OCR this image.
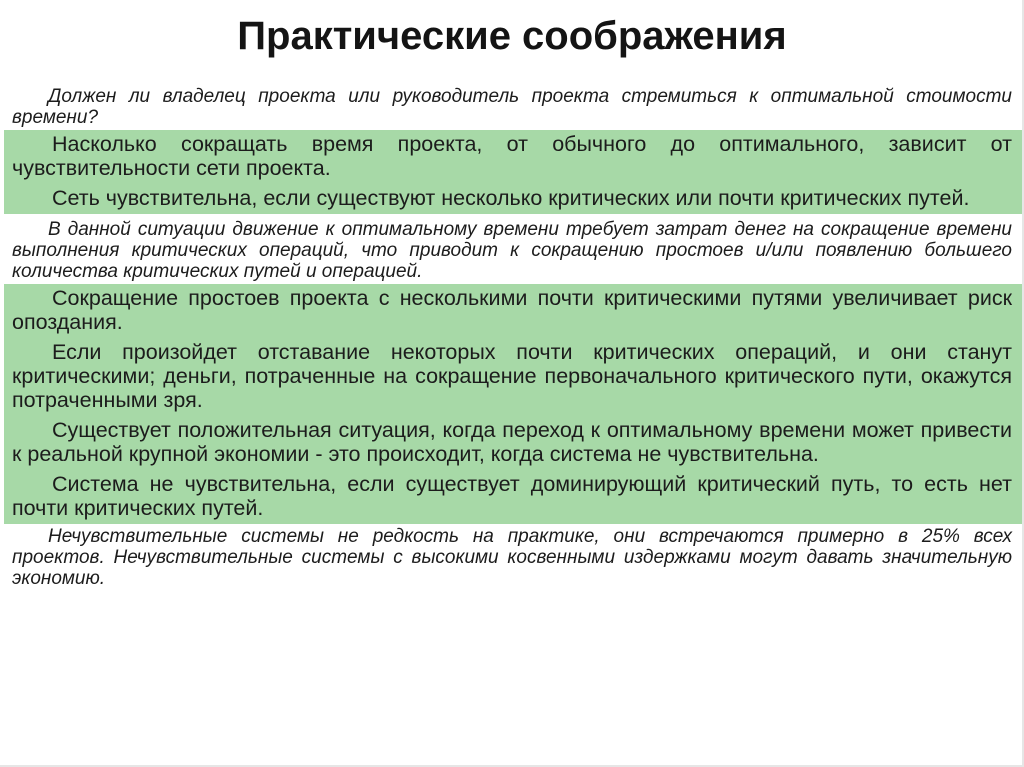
Практические соображения

Должен ли владелец проекта или руководитель проекта стремиться к оптимальной стоимости времени?

Насколько сокращать время проекта, от обычного до оптимального, зависит от чувствительности сети проекта.

Сеть чувствительна, если существуют несколько критических или почти критических путей.

В данной ситуации движение к оптимальному времени требует затрат денег на сокращение времени выполнения критических операций, что приводит к сокращению простоев и/или появлению большего количества критических путей и операцией.

Сокращение простоев проекта с несколькими почти критическими путями увеличивает риск опоздания.

Если произойдет отставание некоторых почти критических операций, и они станут критическими; деньги, потраченные на сокращение первоначального критического пути, окажутся потраченными зря.

Существует положительная ситуация, когда переход к оптимальному времени может привести к реальной крупной экономии - это происходит, когда система не чувствительна.

Система не чувствительна, если существует доминирующий критический путь, то есть нет почти критических путей.

Нечувствительные системы не редкость на практике, они встречаются примерно в 25% всех проектов. Нечувствительные системы с высокими косвенными издержками могут давать значительную экономию.
